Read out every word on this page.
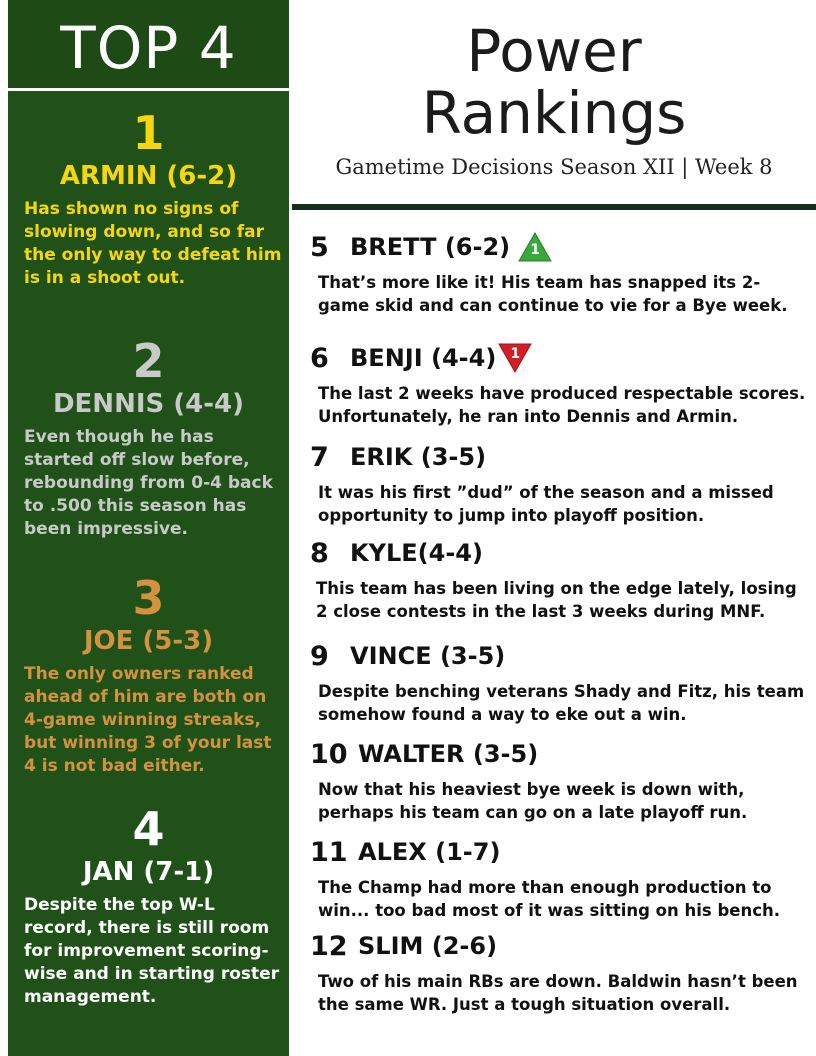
TOP 4
1
ARMIN (6-2)
Has shown no signs of slowing down, and so far the only way to defeat him is in a shoot out.
2
DENNIS (4-4)
Even though he has started off slow before, rebounding from 0-4 back to .500 this season has been impressive.
3
JOE (5-3)
The only owners ranked ahead of him are both on 4-game winning streaks, but winning 3 of your last 4 is not bad either.
4
JAN (7-1)
Despite the top W-L record, there is still room for improvement scoring-wise and in starting roster management.
Power
Rankings
Gametime Decisions Season XII | Week 8
5 BRETT (6-2)	1
That’s more like it! His team has snapped its 2-game skid and can continue to vie for a Bye week.
6 BENJI (4-4)	1
The last 2 weeks have produced respectable scores. Unfortunately, he ran into Dennis and Armin.
7 ERIK (3-5)
It was his first ”dud” of the season and a missed opportunity to jump into playoff position.
8 KYLE(4-4)
This team has been living on the edge lately, losing 2 close contests in the last 3 weeks during MNF.
9 VINCE (3-5)
Despite benching veterans Shady and Fitz, his team somehow found a way to eke out a win.
10 WALTER (3-5)
Now that his heaviest bye week is down with, perhaps his team can go on a late playoff run.
11 ALEX (1-7)
The Champ had more than enough production to win... too bad most of it was sitting on his bench.
12 SLIM (2-6)
Two of his main RBs are down. Baldwin hasn’t been the same WR. Just a tough situation overall.
